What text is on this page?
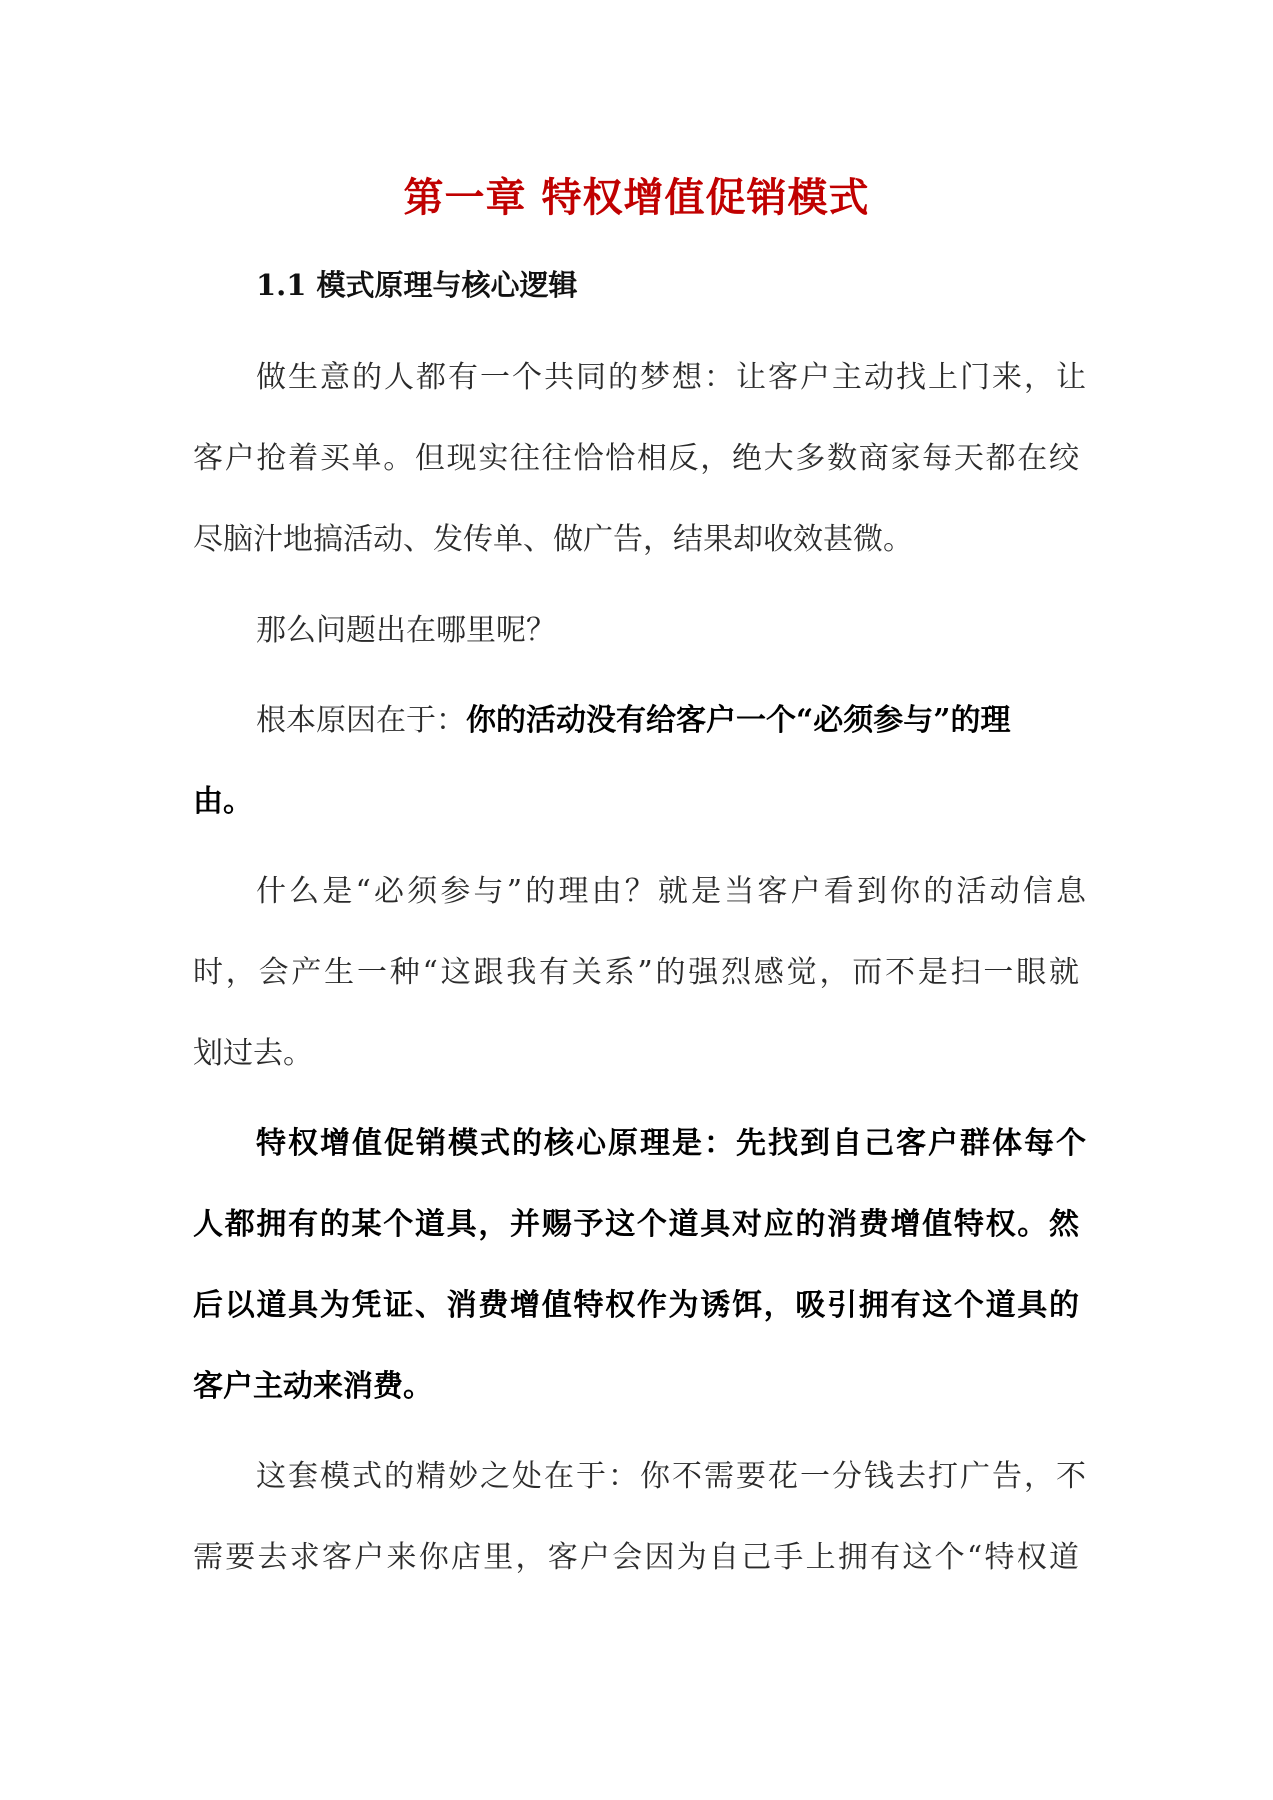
第一章 特权增值促销模式
1.1 模式原理与核心逻辑

做生意的人都有一个共同的梦想：让客户主动找上门来，让

客户抢着买单。但现实往往恰恰相反，绝大多数商家每天都在绞

尽脑汁地搞活动、发传单、做广告，结果却收效甚微。

那么问题出在哪里呢？

根本原因在于：你的活动没有给客户一个“必须参与”的理

由。

什么是“必须参与”的理由？就是当客户看到你的活动信息

时，会产生一种“这跟我有关系”的强烈感觉，而不是扫一眼就

划过去。

特权增值促销模式的核心原理是：先找到自己客户群体每个

人都拥有的某个道具，并赐予这个道具对应的消费增值特权。然

后以道具为凭证、消费增值特权作为诱饵，吸引拥有这个道具的

客户主动来消费。

这套模式的精妙之处在于：你不需要花一分钱去打广告，不

需要去求客户来你店里，客户会因为自己手上拥有这个“特权道
